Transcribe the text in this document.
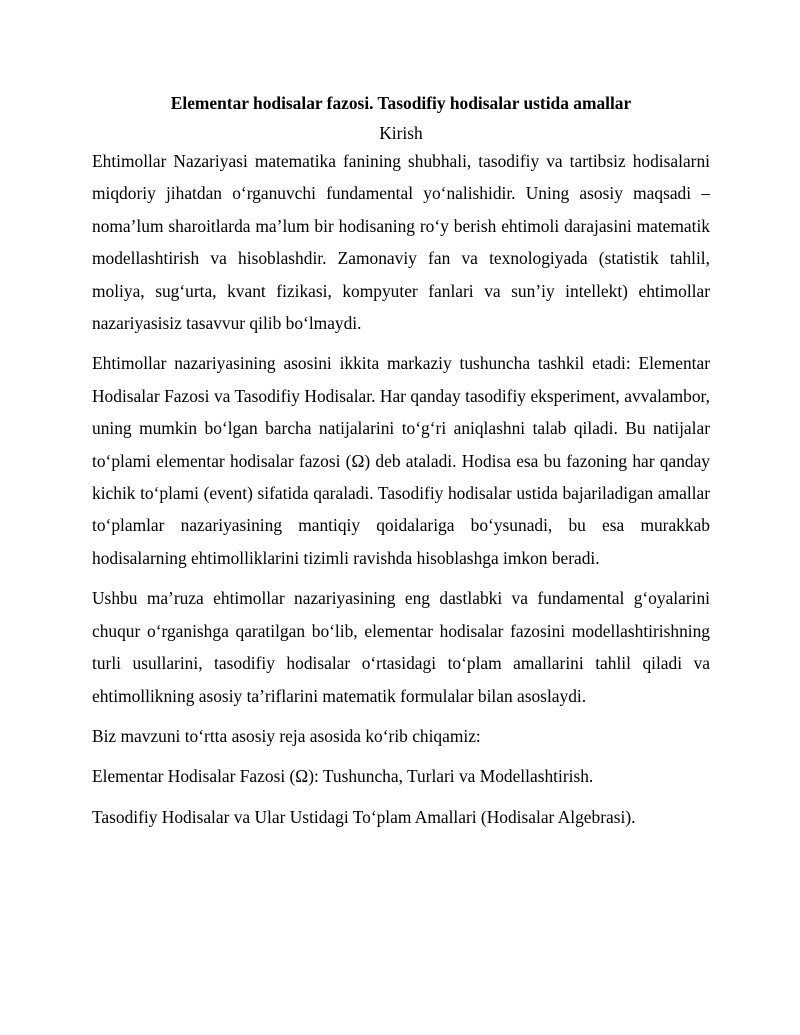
Elementar hodisalar fazosi. Tasodifiy hodisalar ustida amallar

Kirish

Ehtimollar Nazariyasi matematika fanining shubhali, tasodifiy va tartibsiz hodisalarni miqdoriy jihatdan o‘rganuvchi fundamental yo‘nalishidir. Uning asosiy maqsadi – noma’lum sharoitlarda ma’lum bir hodisaning ro‘y berish ehtimoli darajasini matematik modellashtirish va hisoblashdir. Zamonaviy fan va texnologiyada (statistik tahlil, moliya, sug‘urta, kvant fizikasi, kompyuter fanlari va sun’iy intellekt) ehtimollar nazariyasisiz tasavvur qilib bo‘lmaydi.

Ehtimollar nazariyasining asosini ikkita markaziy tushuncha tashkil etadi: Elementar Hodisalar Fazosi va Tasodifiy Hodisalar. Har qanday tasodifiy eksperiment, avvalambor, uning mumkin bo‘lgan barcha natijalarini to‘g‘ri aniqlashni talab qiladi. Bu natijalar to‘plami elementar hodisalar fazosi (Ω) deb ataladi. Hodisa esa bu fazoning har qanday kichik to‘plami (event) sifatida qaraladi. Tasodifiy hodisalar ustida bajariladigan amallar to‘plamlar nazariyasining mantiqiy qoidalariga bo‘ysunadi, bu esa murakkab hodisalarning ehtimolliklarini tizimli ravishda hisoblashga imkon beradi.

Ushbu ma’ruza ehtimollar nazariyasining eng dastlabki va fundamental g‘oyalarini chuqur o‘rganishga qaratilgan bo‘lib, elementar hodisalar fazosini modellashtirishning turli usullarini, tasodifiy hodisalar o‘rtasidagi to‘plam amallarini tahlil qiladi va ehtimollikning asosiy ta’riflarini matematik formulalar bilan asoslaydi.

Biz mavzuni to‘rtta asosiy reja asosida ko‘rib chiqamiz:

Elementar Hodisalar Fazosi (Ω): Tushuncha, Turlari va Modellashtirish.

Tasodifiy Hodisalar va Ular Ustidagi To‘plam Amallari (Hodisalar Algebrasi).
